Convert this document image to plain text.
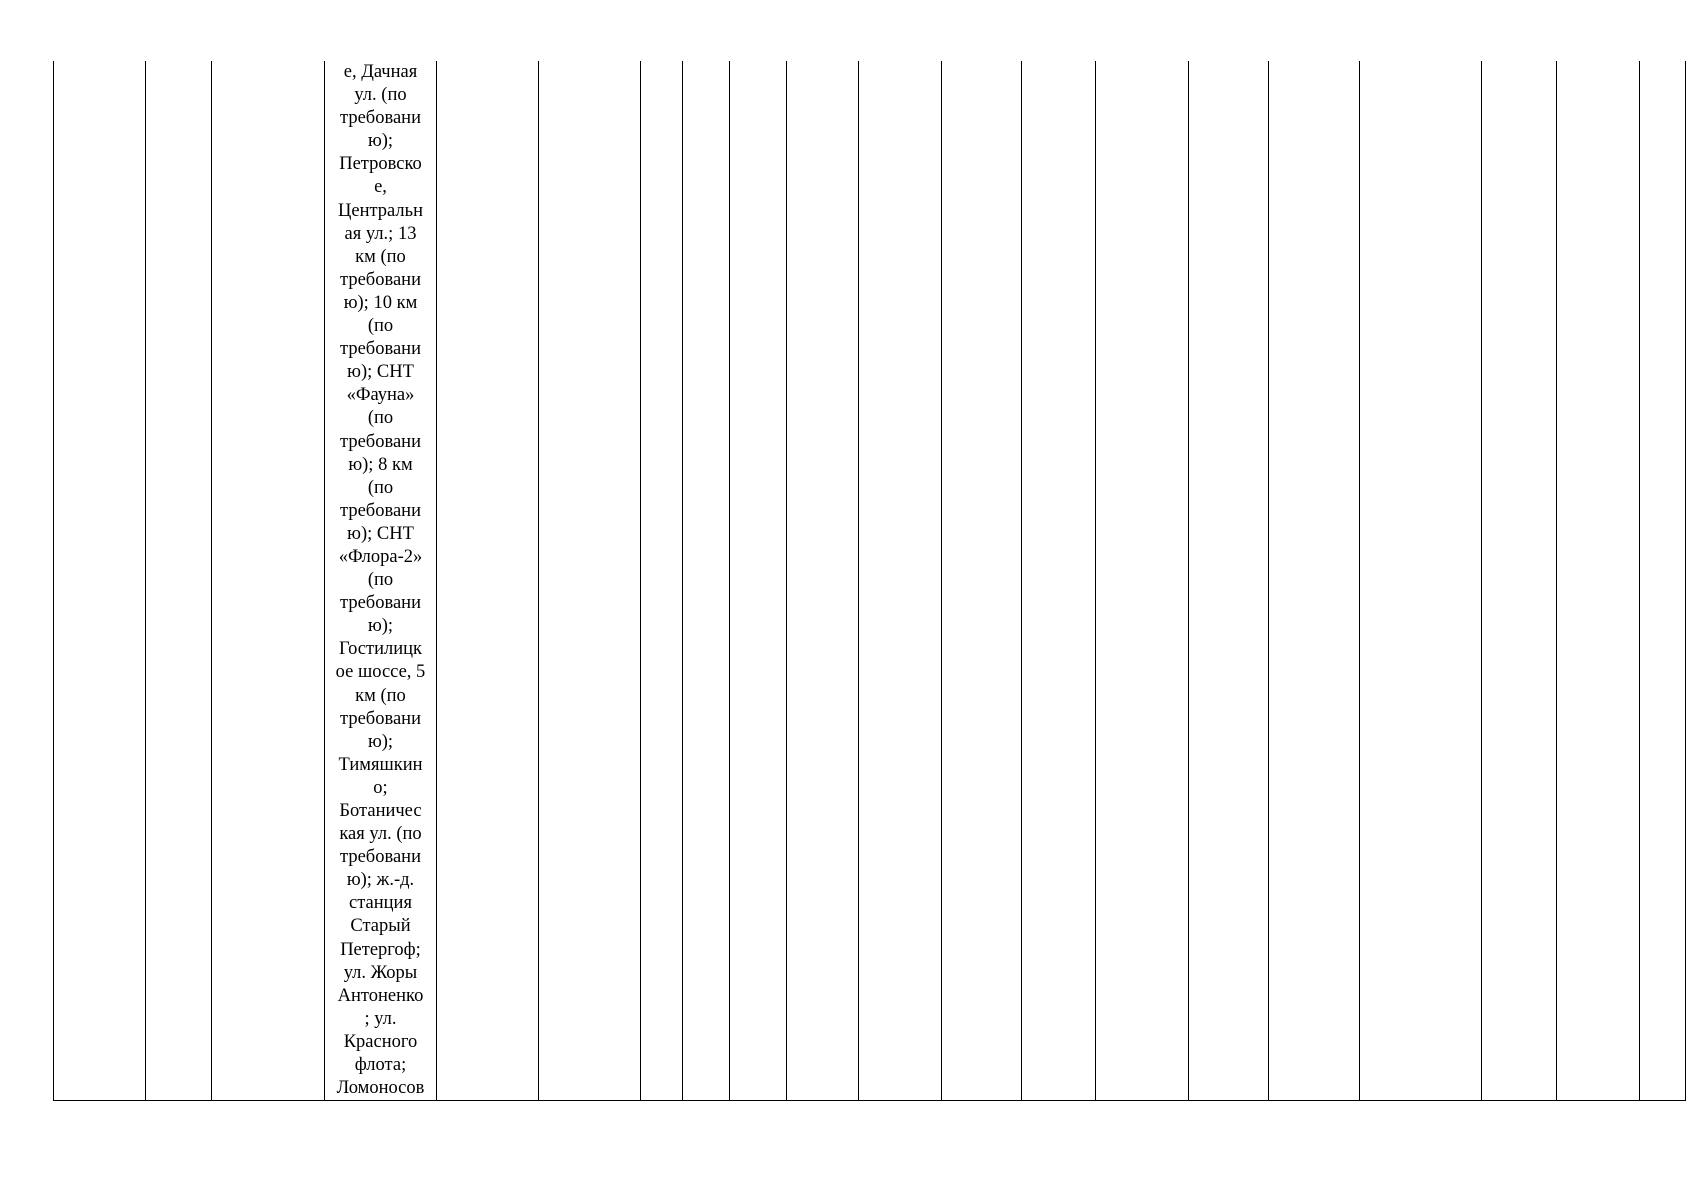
е, Дачная
ул. (по
требовани
ю);
Петровско
е,
Центральн
ая ул.; 13
км (по
требовани
ю); 10 км
(по
требовани
ю); СНТ
«Фауна»
(по
требовани
ю); 8 км
(по
требовани
ю); СНТ
«Флора-2»
(по
требовани
ю);
Гостилицк
ое шоссе, 5
км (по
требовани
ю);
Тимяшкин
о;
Ботаничес
кая ул. (по
требовани
ю); ж.-д.
станция
Старый
Петергоф;
ул. Жоры
Антоненко
; ул.
Красного
флота;
Ломоносов
